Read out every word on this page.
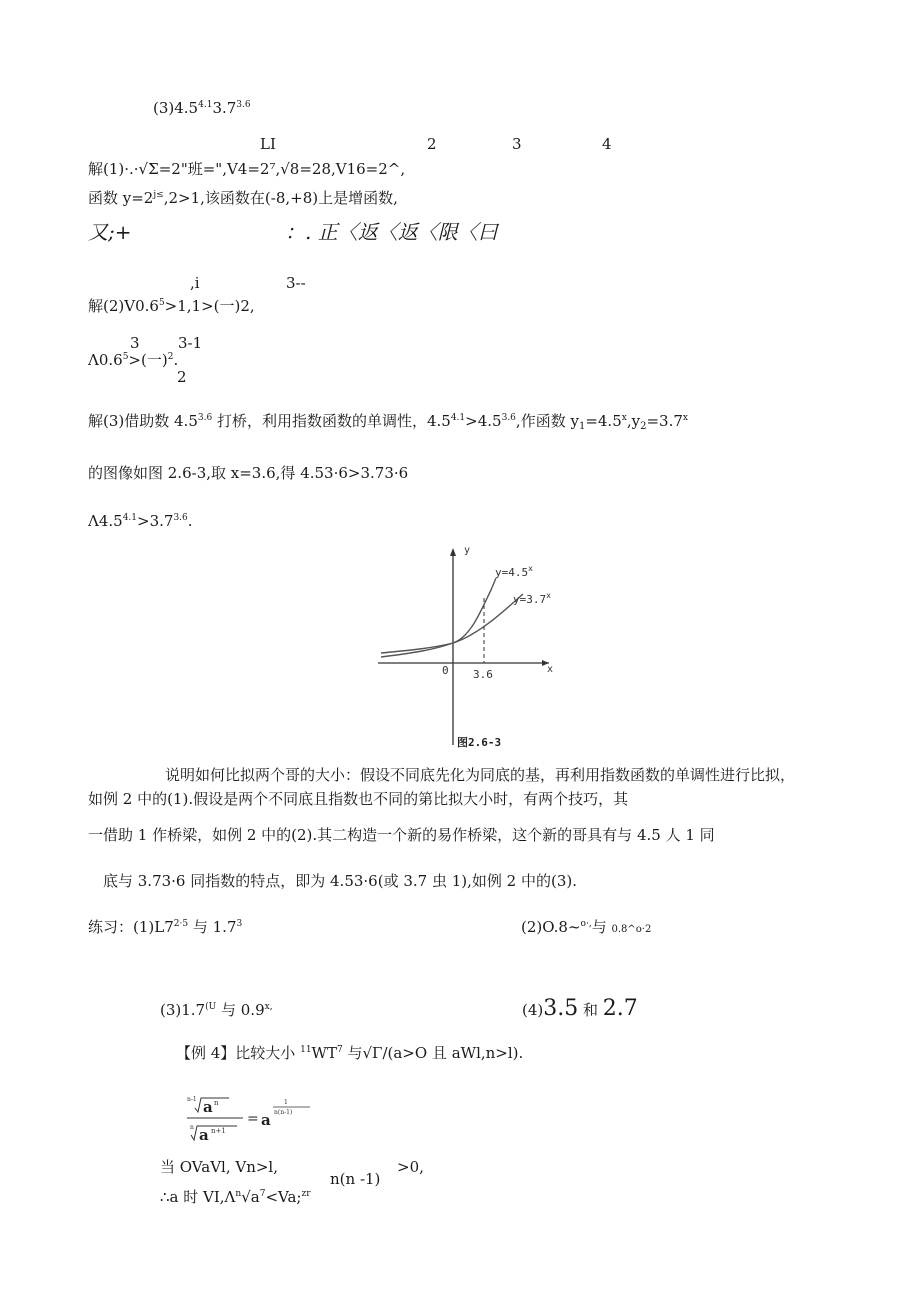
$(3)4.5^{4.1}3.7^{3.6}$
LI	2	3	4
解(1)·.·√Σ=2"班=",V4=2⁷,√8=28,V16=2^,
函数 $y=2^{j\le},2>1$,该函数在(-8,+8)上是增函数,
又;+	：. 正〈返〈返〈限〈曰
,i	3--
解$(2)V0.6^5>1,1>$(一)2,
3	3-1
$\Lambda 0.6^5>$(一)$^2$.
2
解(3)借助数 $4.5^{3.6}$ 打桥，利用指数函数的单调性，$4.5^{4.1}>4.5^{3.6}$,作函数 $y_1=4.5^x,y_2=3.7^x$
的图像如图 2.6-3,取 x=3.6,得 4.53·6>3.73·6
$\Lambda 4.5^{4.1}>3.7^{3.6}$.
y
x
$y=4.5^x$
$y=3.7^x$
0 3.6
图2.6-3
说明如何比拟两个哥的大小：假设不同底先化为同底的基，再利用指数函数的单调性进行比拟，
如例 2 中的(1).假设是两个不同底且指数也不同的第比拟大小时，有两个技巧，其
一借助 1 作桥梁，如例 2 中的(2).其二构造一个新的易作桥梁，这个新的哥具有与 4.5 人 1 同
底与 3.73·6 同指数的特点，即为 4.53·6(或 3.7 虫 1),如例 2 中的(3).
练习：$(1)L7^{2\cdot 5}$ 与 $1.7^3$	(2)O.8~$^{o\cdot,}$与 0.8^o·2
$(3)1.7^{(U}$ 与 $0.9^{x,}$	(4)3.5 和 2.7
【例 4】比较大小 $^{11}WT^7$ 与√Γ/(a>O 且 aWl,n>l).
n-1 a n
n a n+1
= a
1
n(n-1)
当 OVaVl, Vn>l,
n(n -1)
>0,
∴a 时 $VI,\Lambda^n√a^7<Va;^{zr}$
